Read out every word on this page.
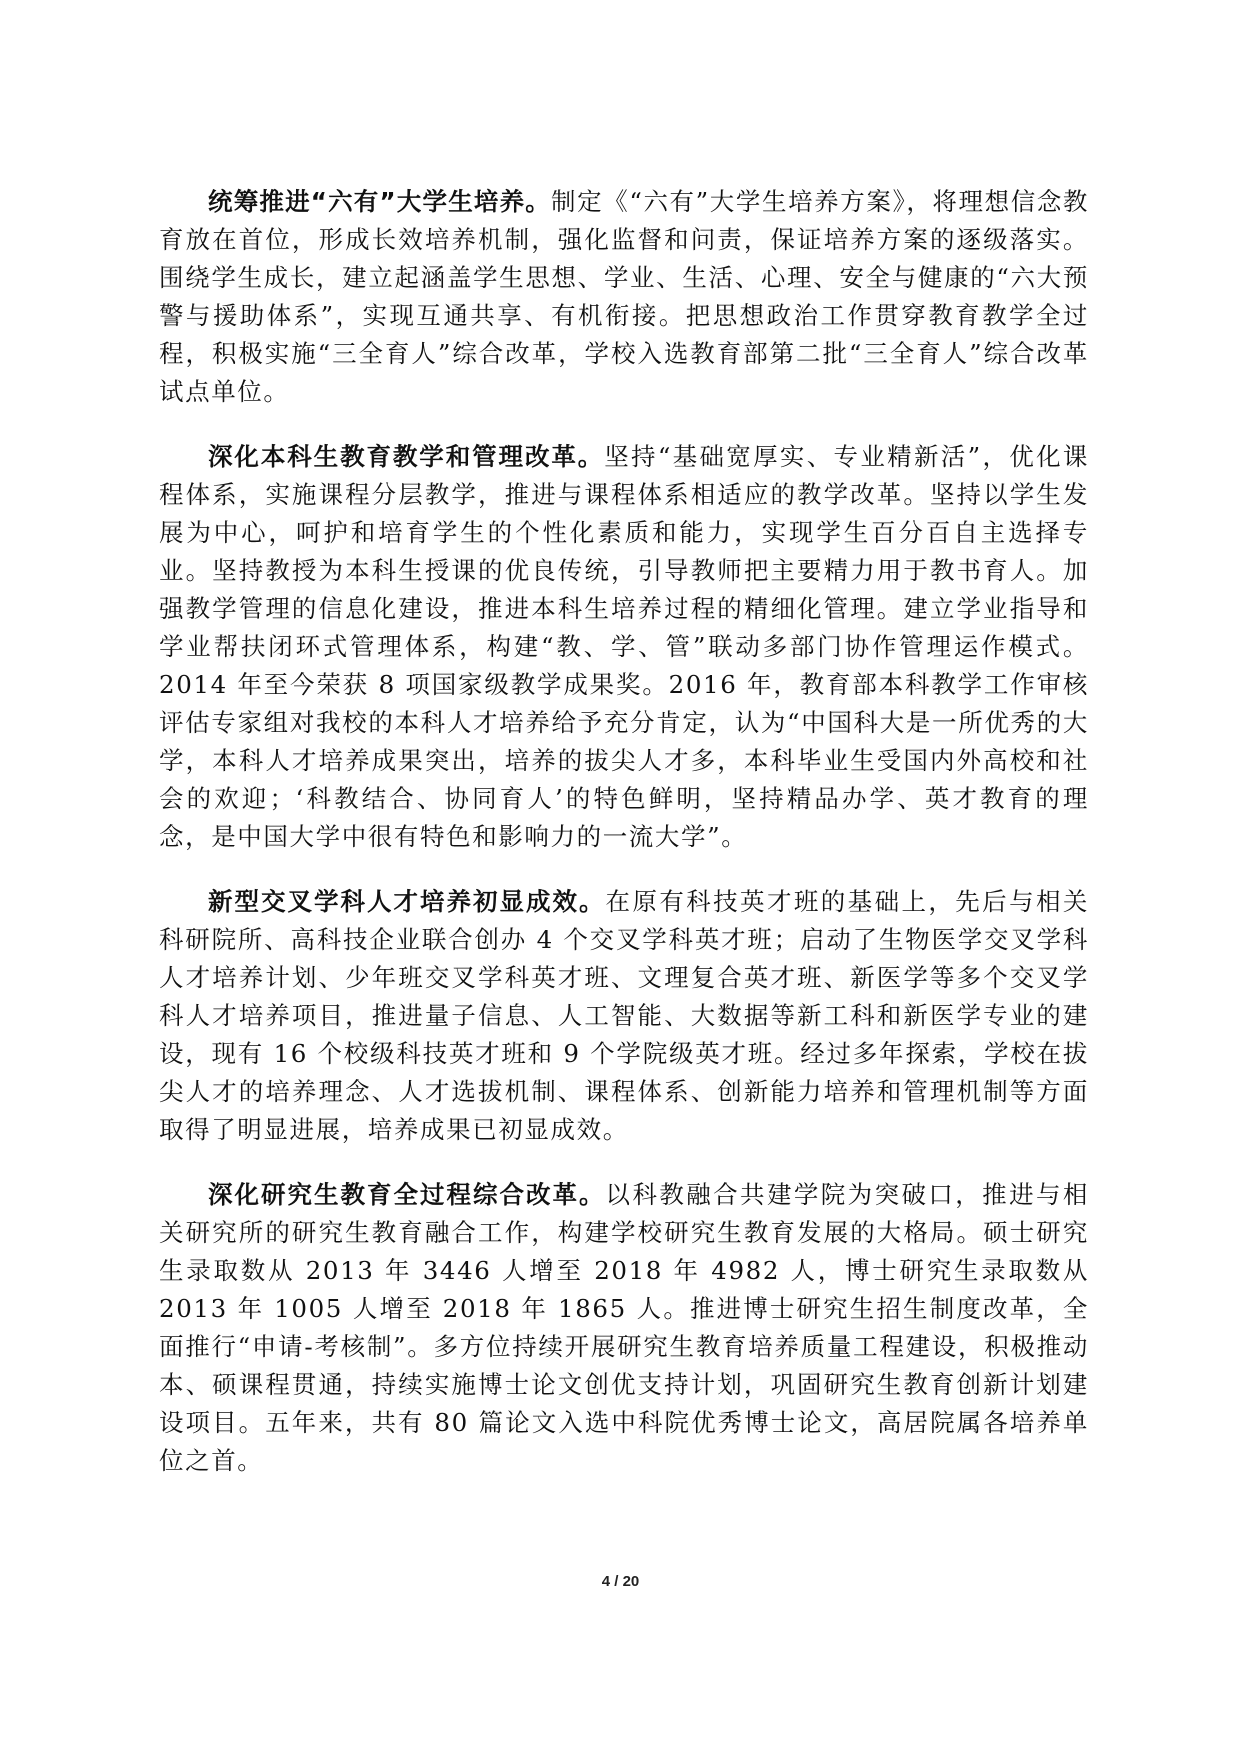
统筹推进“六有”大学生培养。制定《“六有”大学生培养方案》，将理想信念教育放在首位，形成长效培养机制，强化监督和问责，保证培养方案的逐级落实。围绕学生成长，建立起涵盖学生思想、学业、生活、心理、安全与健康的“六大预警与援助体系”，实现互通共享、有机衔接。把思想政治工作贯穿教育教学全过程，积极实施“三全育人”综合改革，学校入选教育部第二批“三全育人”综合改革试点单位。

深化本科生教育教学和管理改革。坚持“基础宽厚实、专业精新活”，优化课程体系，实施课程分层教学，推进与课程体系相适应的教学改革。坚持以学生发展为中心，呵护和培育学生的个性化素质和能力，实现学生百分百自主选择专业。坚持教授为本科生授课的优良传统，引导教师把主要精力用于教书育人。加强教学管理的信息化建设，推进本科生培养过程的精细化管理。建立学业指导和学业帮扶闭环式管理体系，构建“教、学、管”联动多部门协作管理运作模式。2014 年至今荣获 8 项国家级教学成果奖。2016 年，教育部本科教学工作审核评估专家组对我校的本科人才培养给予充分肯定，认为“中国科大是一所优秀的大学，本科人才培养成果突出，培养的拔尖人才多，本科毕业生受国内外高校和社会的欢迎；‘科教结合、协同育人’的特色鲜明，坚持精品办学、英才教育的理念，是中国大学中很有特色和影响力的一流大学”。

新型交叉学科人才培养初显成效。在原有科技英才班的基础上，先后与相关科研院所、高科技企业联合创办 4 个交叉学科英才班；启动了生物医学交叉学科人才培养计划、少年班交叉学科英才班、文理复合英才班、新医学等多个交叉学科人才培养项目，推进量子信息、人工智能、大数据等新工科和新医学专业的建设，现有 16 个校级科技英才班和 9 个学院级英才班。经过多年探索，学校在拔尖人才的培养理念、人才选拔机制、课程体系、创新能力培养和管理机制等方面取得了明显进展，培养成果已初显成效。

深化研究生教育全过程综合改革。以科教融合共建学院为突破口，推进与相关研究所的研究生教育融合工作，构建学校研究生教育发展的大格局。硕士研究生录取数从 2013 年 3446 人增至 2018 年 4982 人，博士研究生录取数从 2013 年 1005 人增至 2018 年 1865 人。推进博士研究生招生制度改革，全面推行“申请-考核制”。多方位持续开展研究生教育培养质量工程建设，积极推动本、硕课程贯通，持续实施博士论文创优支持计划，巩固研究生教育创新计划建设项目。五年来，共有 80 篇论文入选中科院优秀博士论文，高居院属各培养单位之首。

4 / 20
